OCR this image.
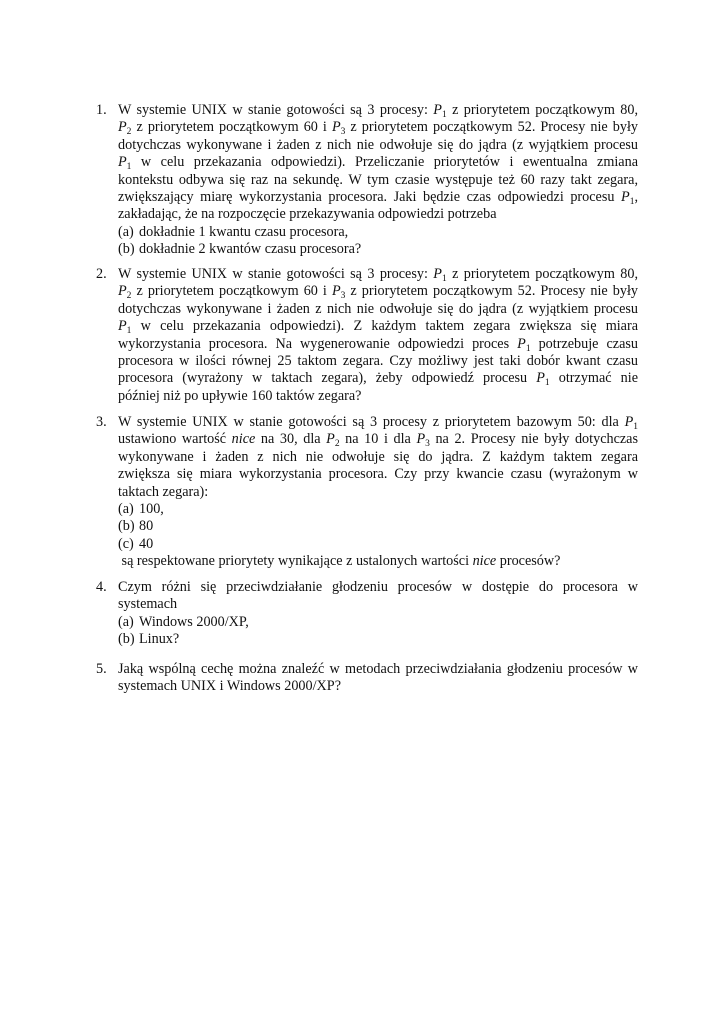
1. W systemie UNIX w stanie gotowości są 3 procesy: $P_1$ z priorytetem początkowym 80,
$P_2$ z priorytetem początkowym 60 i $P_3$ z priorytetem początkowym 52. Procesy nie były
dotychczas wykonywane i żaden z nich nie odwołuje się do jądra (z wyjątkiem procesu
$P_1$ w celu przekazania odpowiedzi). Przeliczanie priorytetów i ewentualna zmiana
kontekstu odbywa się raz na sekundę. W tym czasie występuje też 60 razy takt zegara,
zwiększający miarę wykorzystania procesora. Jaki będzie czas odpowiedzi procesu $P_1$,
zakładając, że na rozpoczęcie przekazywania odpowiedzi potrzeba
(a) dokładnie 1 kwantu czasu procesora,
(b) dokładnie 2 kwantów czasu procesora?
2. W systemie UNIX w stanie gotowości są 3 procesy: $P_1$ z priorytetem początkowym 80,
$P_2$ z priorytetem początkowym 60 i $P_3$ z priorytetem początkowym 52. Procesy nie były
dotychczas wykonywane i żaden z nich nie odwołuje się do jądra (z wyjątkiem procesu
$P_1$ w celu przekazania odpowiedzi). Z każdym taktem zegara zwiększa się miara
wykorzystania procesora. Na wygenerowanie odpowiedzi proces $P_1$ potrzebuje czasu
procesora w ilości równej 25 taktom zegara. Czy możliwy jest taki dobór kwant czasu
procesora (wyrażony w taktach zegara), żeby odpowiedź procesu $P_1$ otrzymać nie
później niż po upływie 160 taktów zegara?
3. W systemie UNIX w stanie gotowości są 3 procesy z priorytetem bazowym 50: dla $P_1$
ustawiono wartość nice na 30, dla $P_2$ na 10 i dla $P_3$ na 2. Procesy nie były dotychczas
wykonywane i żaden z nich nie odwołuje się do jądra. Z każdym taktem zegara
zwiększa się miara wykorzystania procesora. Czy przy kwancie czasu (wyrażonym w
taktach zegara):
(a) 100,
(b) 80
(c) 40
są respektowane priorytety wynikające z ustalonych wartości nice procesów?
4. Czym różni się przeciwdziałanie głodzeniu procesów w dostępie do procesora w
systemach
(a) Windows 2000/XP,
(b) Linux?
5. Jaką wspólną cechę można znaleźć w metodach przeciwdziałania głodzeniu procesów w
systemach UNIX i Windows 2000/XP?
